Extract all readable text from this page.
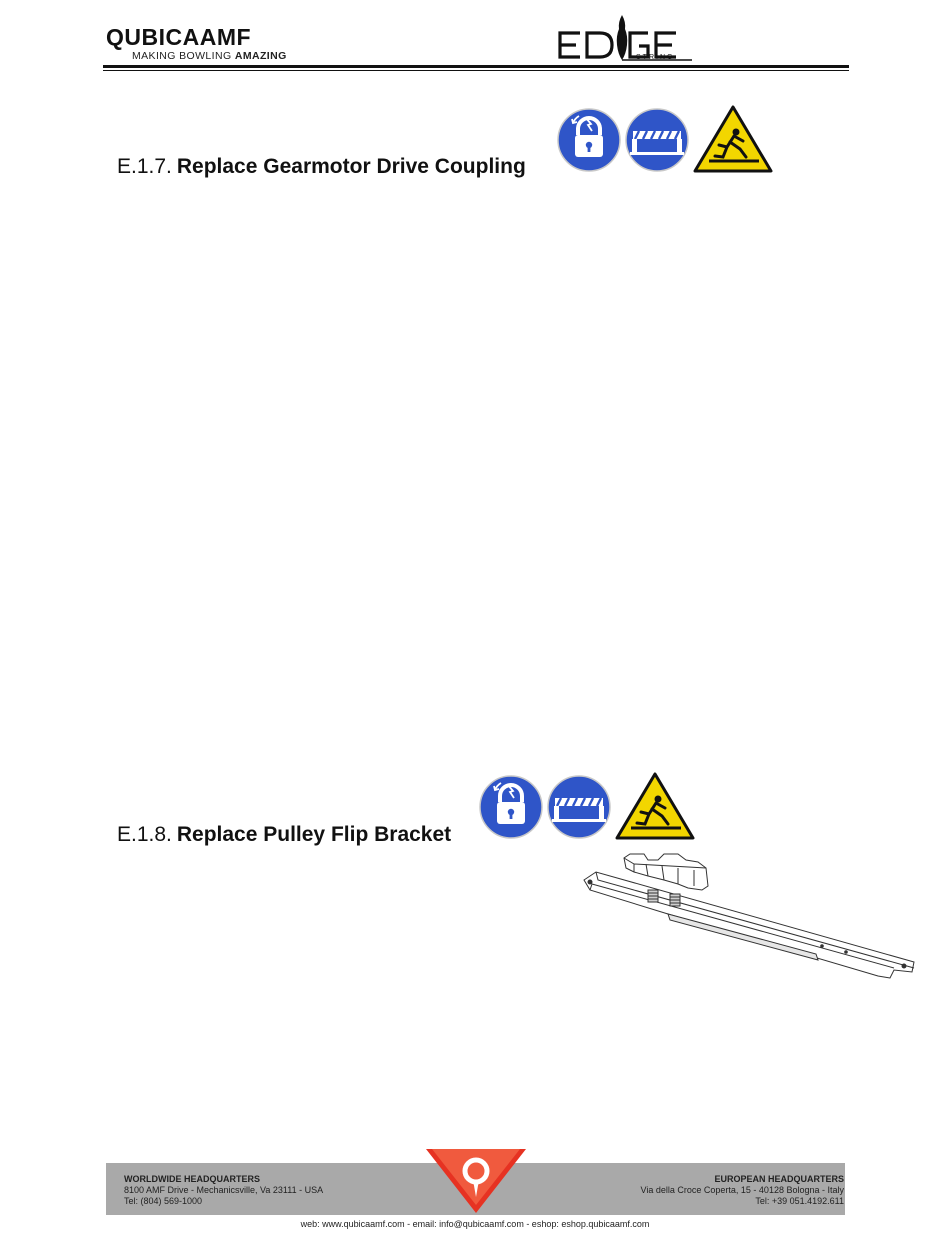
QUBICAAMF
MAKING BOWLING AMAZING	STRING
E.1.7. Replace Gearmotor Drive Coupling
E.1.8. Replace Pulley Flip Bracket
WORLDWIDE HEADQUARTERS
8100 AMF Drive - Mechanicsville, Va 23111 - USA
Tel: (804) 569-1000
EUROPEAN HEADQUARTERS
Via della Croce Coperta, 15 - 40128 Bologna - Italy
Tel: +39 051.4192.611
web: www.qubicaamf.com - email: info@qubicaamf.com - eshop: eshop.qubicaamf.com
